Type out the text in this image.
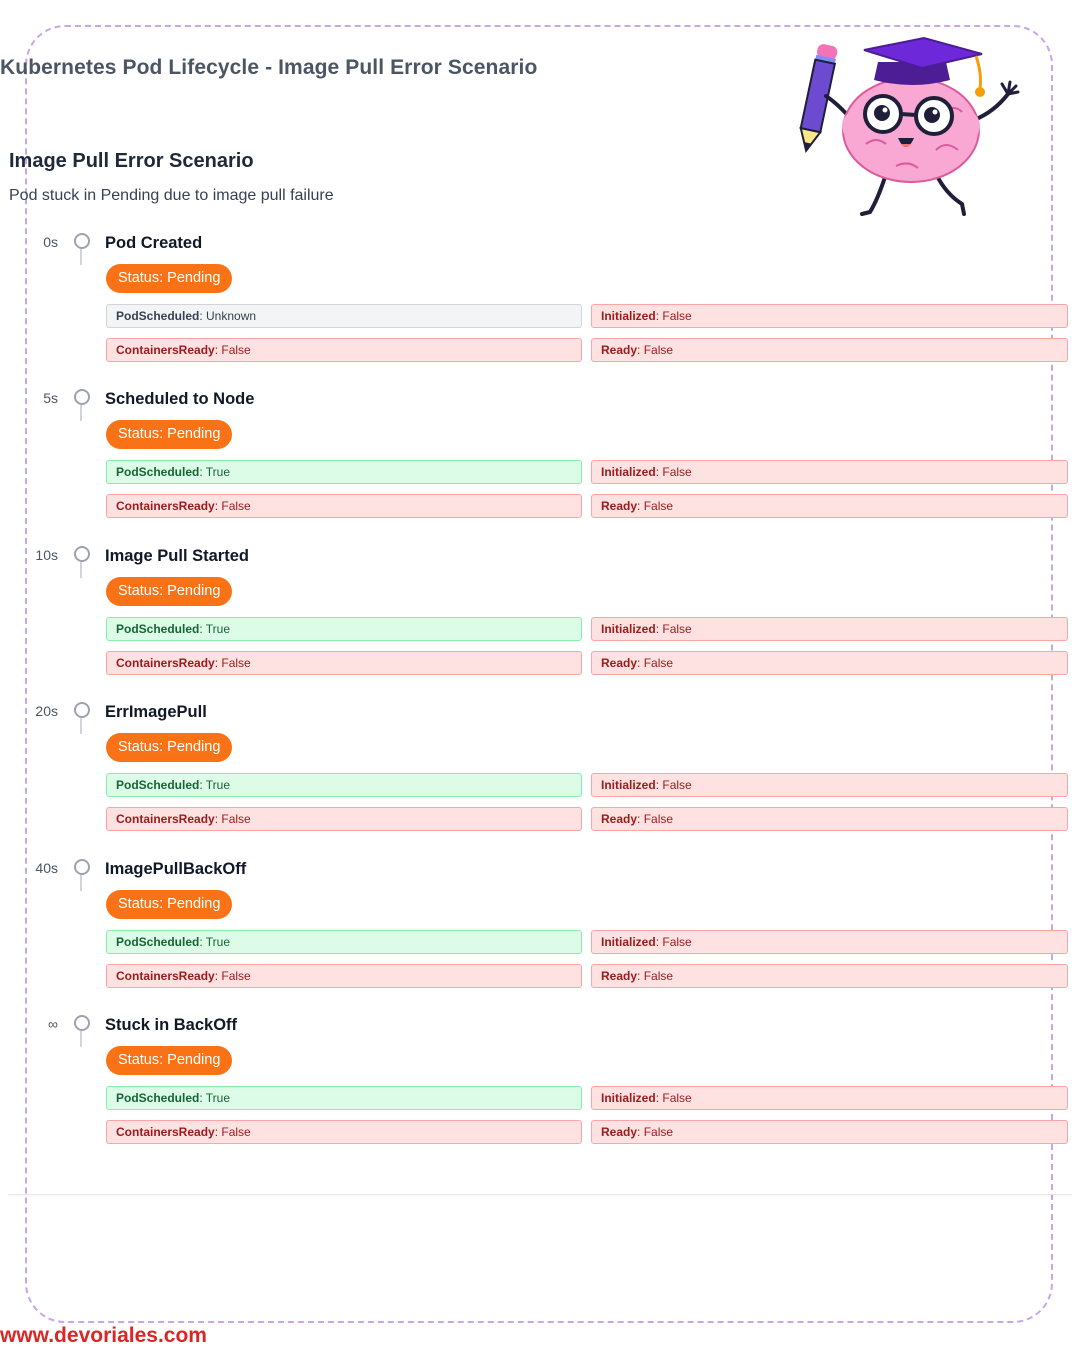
Kubernetes Pod Lifecycle - Image Pull Error Scenario
Image Pull Error Scenario

Pod stuck in Pending due to image pull failure

0s	Pod Created
Status: Pending
PodScheduled: Unknown	Initialized: False
ContainersReady: False	Ready: False
5s	Scheduled to Node
Status: Pending
PodScheduled: True	Initialized: False
ContainersReady: False	Ready: False
10s	Image Pull Started
Status: Pending
PodScheduled: True	Initialized: False
ContainersReady: False	Ready: False
20s	ErrImagePull
Status: Pending
PodScheduled: True	Initialized: False
ContainersReady: False	Ready: False
40s	ImagePullBackOff
Status: Pending
PodScheduled: True	Initialized: False
ContainersReady: False	Ready: False
∞	Stuck in BackOff
Status: Pending
PodScheduled: True	Initialized: False
ContainersReady: False	Ready: False

www.devoriales.com
